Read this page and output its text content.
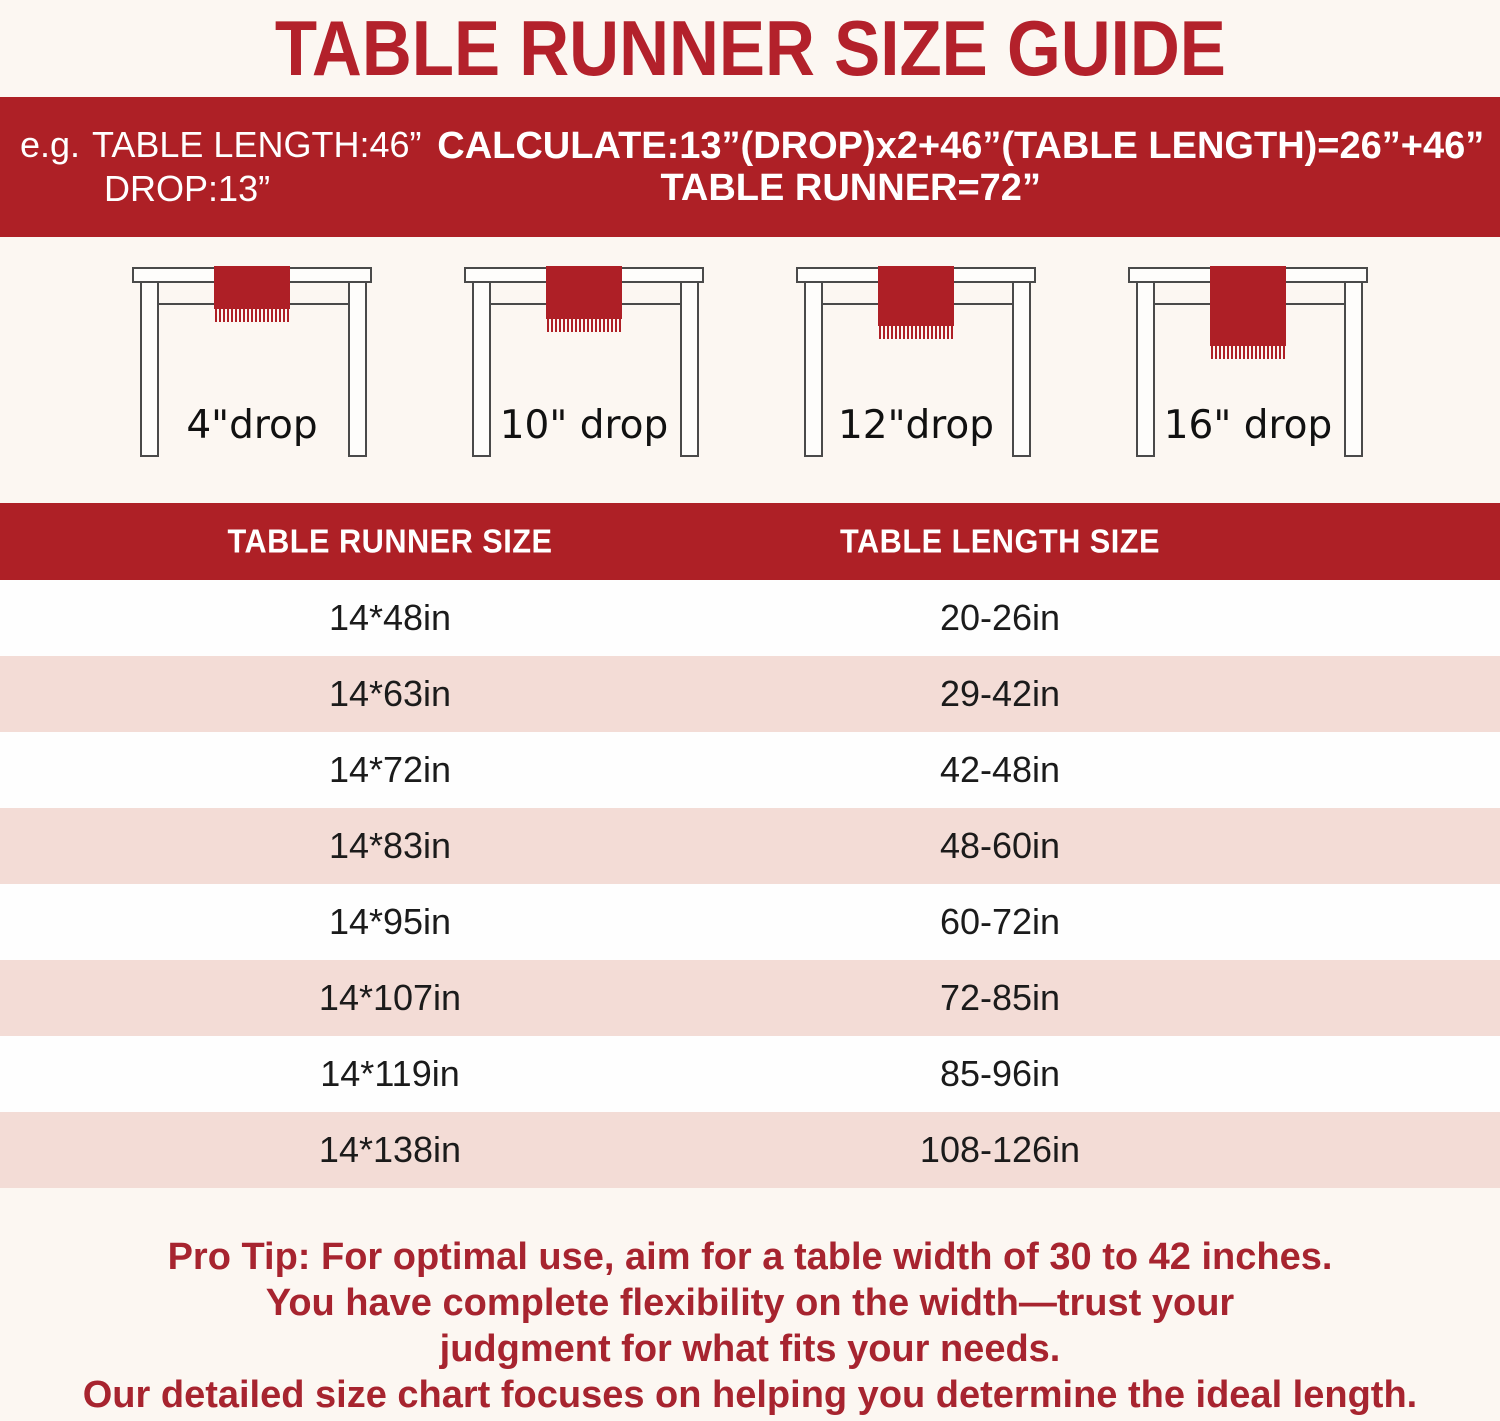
TABLE RUNNER SIZE GUIDE
e.g. TABLE LENGTH:46”
DROP:13”
CALCULATE:13”(DROP)x2+46”(TABLE LENGTH)=26”+46”
TABLE RUNNER=72”
4"drop	10" drop	12"drop	16" drop
TABLE RUNNER SIZE	TABLE LENGTH SIZE
14*48in	20-26in
14*63in	29-42in
14*72in	42-48in
14*83in	48-60in
14*95in	60-72in
14*107in	72-85in
14*119in	85-96in
14*138in	108-126in
Pro Tip: For optimal use, aim for a table width of 30 to 42 inches.
You have complete flexibility on the width—trust your
judgment for what fits your needs.
Our detailed size chart focuses on helping you determine the ideal length.
